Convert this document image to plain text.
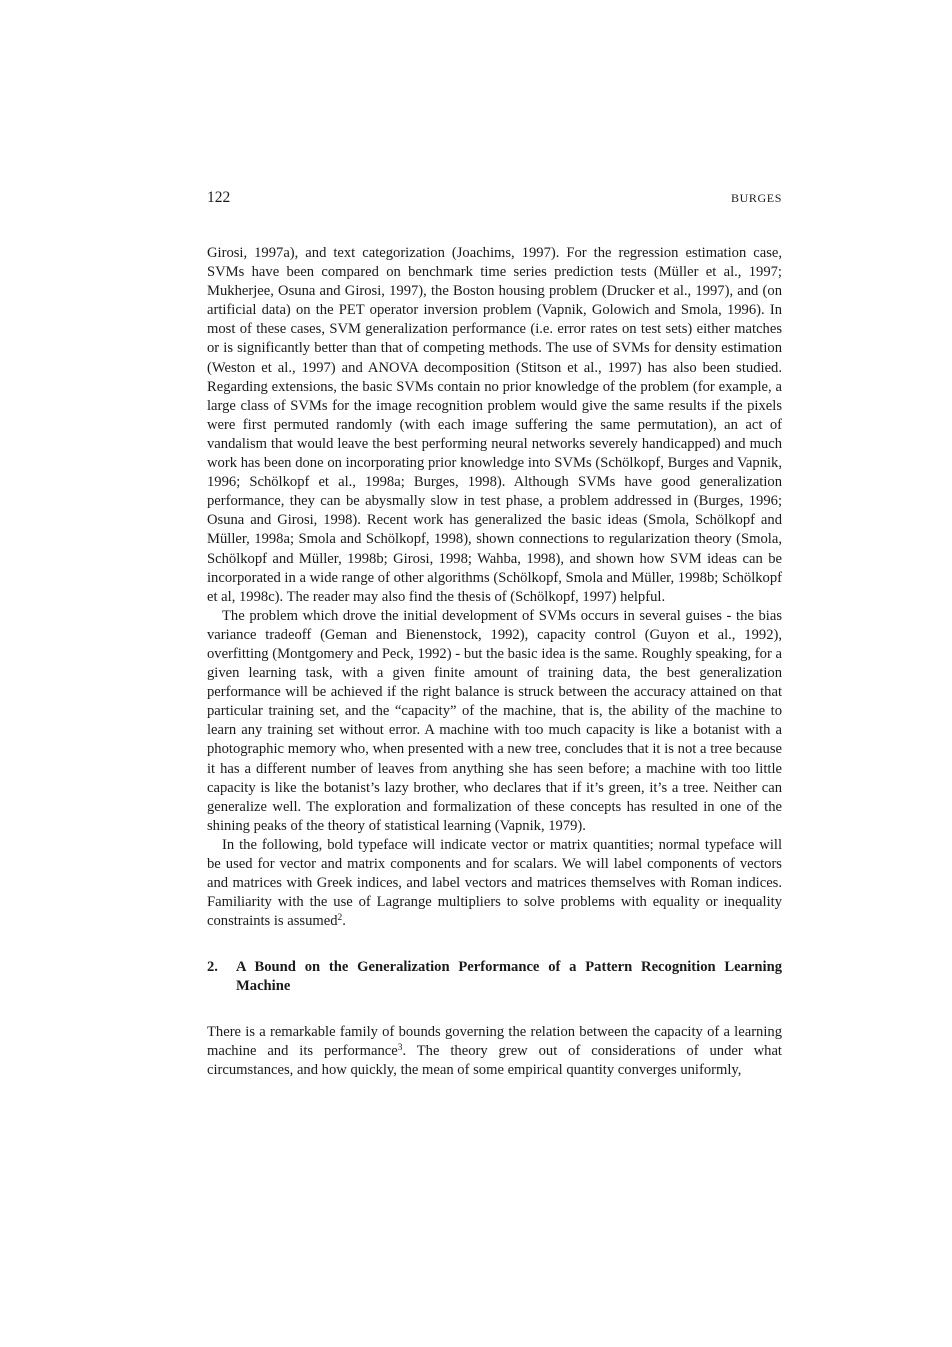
122	BURGES

Girosi, 1997a), and text categorization (Joachims, 1997). For the regression estimation case, SVMs have been compared on benchmark time series prediction tests (Müller et al., 1997; Mukherjee, Osuna and Girosi, 1997), the Boston housing problem (Drucker et al., 1997), and (on artificial data) on the PET operator inversion problem (Vapnik, Golowich and Smola, 1996). In most of these cases, SVM generalization performance (i.e. error rates on test sets) either matches or is significantly better than that of competing methods. The use of SVMs for density estimation (Weston et al., 1997) and ANOVA decomposition (Stitson et al., 1997) has also been studied. Regarding extensions, the basic SVMs contain no prior knowledge of the problem (for example, a large class of SVMs for the image recognition problem would give the same results if the pixels were first permuted randomly (with each image suffering the same permutation), an act of vandalism that would leave the best performing neural networks severely handicapped) and much work has been done on incorporating prior knowledge into SVMs (Schölkopf, Burges and Vapnik, 1996; Schölkopf et al., 1998a; Burges, 1998). Although SVMs have good generalization performance, they can be abysmally slow in test phase, a problem addressed in (Burges, 1996; Osuna and Girosi, 1998). Recent work has generalized the basic ideas (Smola, Schölkopf and Müller, 1998a; Smola and Schölkopf, 1998), shown connections to regularization theory (Smola, Schölkopf and Müller, 1998b; Girosi, 1998; Wahba, 1998), and shown how SVM ideas can be incorporated in a wide range of other algorithms (Schölkopf, Smola and Müller, 1998b; Schölkopf et al, 1998c). The reader may also find the thesis of (Schölkopf, 1997) helpful.

The problem which drove the initial development of SVMs occurs in several guises - the bias variance tradeoff (Geman and Bienenstock, 1992), capacity control (Guyon et al., 1992), overfitting (Montgomery and Peck, 1992) - but the basic idea is the same. Roughly speaking, for a given learning task, with a given finite amount of training data, the best generalization performance will be achieved if the right balance is struck between the accuracy attained on that particular training set, and the “capacity” of the machine, that is, the ability of the machine to learn any training set without error. A machine with too much capacity is like a botanist with a photographic memory who, when presented with a new tree, concludes that it is not a tree because it has a different number of leaves from anything she has seen before; a machine with too little capacity is like the botanist’s lazy brother, who declares that if it’s green, it’s a tree. Neither can generalize well. The exploration and formalization of these concepts has resulted in one of the shining peaks of the theory of statistical learning (Vapnik, 1979).

In the following, bold typeface will indicate vector or matrix quantities; normal typeface will be used for vector and matrix components and for scalars. We will label components of vectors and matrices with Greek indices, and label vectors and matrices themselves with Roman indices. Familiarity with the use of Lagrange multipliers to solve problems with equality or inequality constraints is assumed$^2$.

2.	A Bound on the Generalization Performance of a Pattern Recognition Learning Machine

There is a remarkable family of bounds governing the relation between the capacity of a learning machine and its performance$^3$. The theory grew out of considerations of under what circumstances, and how quickly, the mean of some empirical quantity converges uniformly,
